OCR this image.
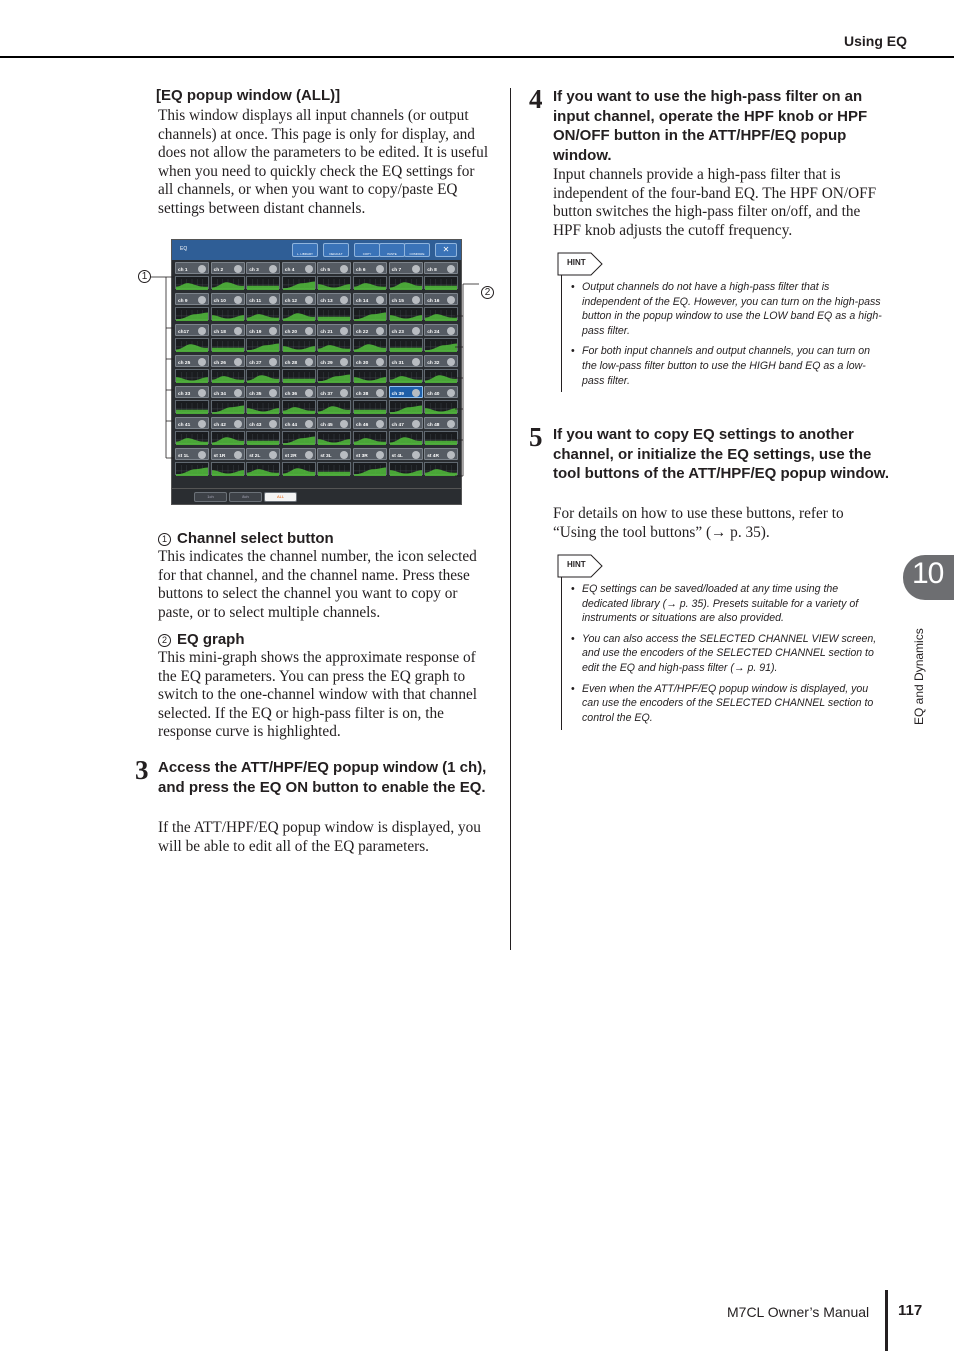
Using EQ
[EQ popup window (ALL)]
This window displays all input channels (or output channels) at once. This page is only for display, and does not allow the parameters to be edited. It is useful when you need to quickly check the EQ settings for all channels, or when you want to copy/paste EQ settings between distant channels.
EQ
L. LIBRARY	DEFAULT	COPY	PASTE	COMPARE	✕
ch 1	ch 2	ch 3	ch 4	ch 5	ch 6	ch 7	ch 8
ch 9	ch 10	ch 11	ch 12	ch 13	ch 14	ch 15	ch 16
ch17	ch 18	ch 19	ch 20	ch 21	ch 22	ch 23	ch 24
ch 25	ch 26	ch 27	ch 28	ch 29	ch 30	ch 31	ch 32
ch 33	ch 34	ch 35	ch 36	ch 37	ch 38	ch 39	ch 40
ch 41	ch 42	ch 43	ch 44	ch 45	ch 46	ch 47	ch 48
st 1L	st 1R	st 2L	st 2R	st 3L	st 3R	st 4L	st 4R
1ch	8ch	ALL
1
2
1 Channel select button
This indicates the channel number, the icon selected for that channel, and the channel name. Press these buttons to select the channel you want to copy or paste, or to select multiple channels.
2 EQ graph
This mini-graph shows the approximate response of the EQ parameters. You can press the EQ graph to switch to the one-channel window with that channel selected. If the EQ or high-pass filter is on, the response curve is highlighted.
3 Access the ATT/HPF/EQ popup window (1 ch), and press the EQ ON button to enable the EQ.
If the ATT/HPF/EQ popup window is displayed, you will be able to edit all of the EQ parameters.
4 If you want to use the high-pass filter on an input channel, operate the HPF knob or HPF ON/OFF button in the ATT/HPF/EQ popup window.
Input channels provide a high-pass filter that is independent of the four-band EQ. The HPF ON/OFF button switches the high-pass filter on/off, and the HPF knob adjusts the cutoff frequency.
HINT
• Output channels do not have a high-pass filter that is independent of the EQ. However, you can turn on the high-pass button in the popup window to use the LOW band EQ as a high-pass filter.
• For both input channels and output channels, you can turn on the low-pass filter button to use the HIGH band EQ as a low-pass filter.
5 If you want to copy EQ settings to another channel, or initialize the EQ settings, use the tool buttons of the ATT/HPF/EQ popup window.
For details on how to use these buttons, refer to “Using the tool buttons” (→ p. 35).
HINT
• EQ settings can be saved/loaded at any time using the dedicated library (→ p. 35). Presets suitable for a variety of instruments or situations are also provided.
• You can also access the SELECTED CHANNEL VIEW screen, and use the encoders of the SELECTED CHANNEL section to edit the EQ and high-pass filter (→ p. 91).
• Even when the ATT/HPF/EQ popup window is displayed, you can use the encoders of the SELECTED CHANNEL section to control the EQ.
10
EQ and Dynamics
M7CL Owner’s Manual 117
